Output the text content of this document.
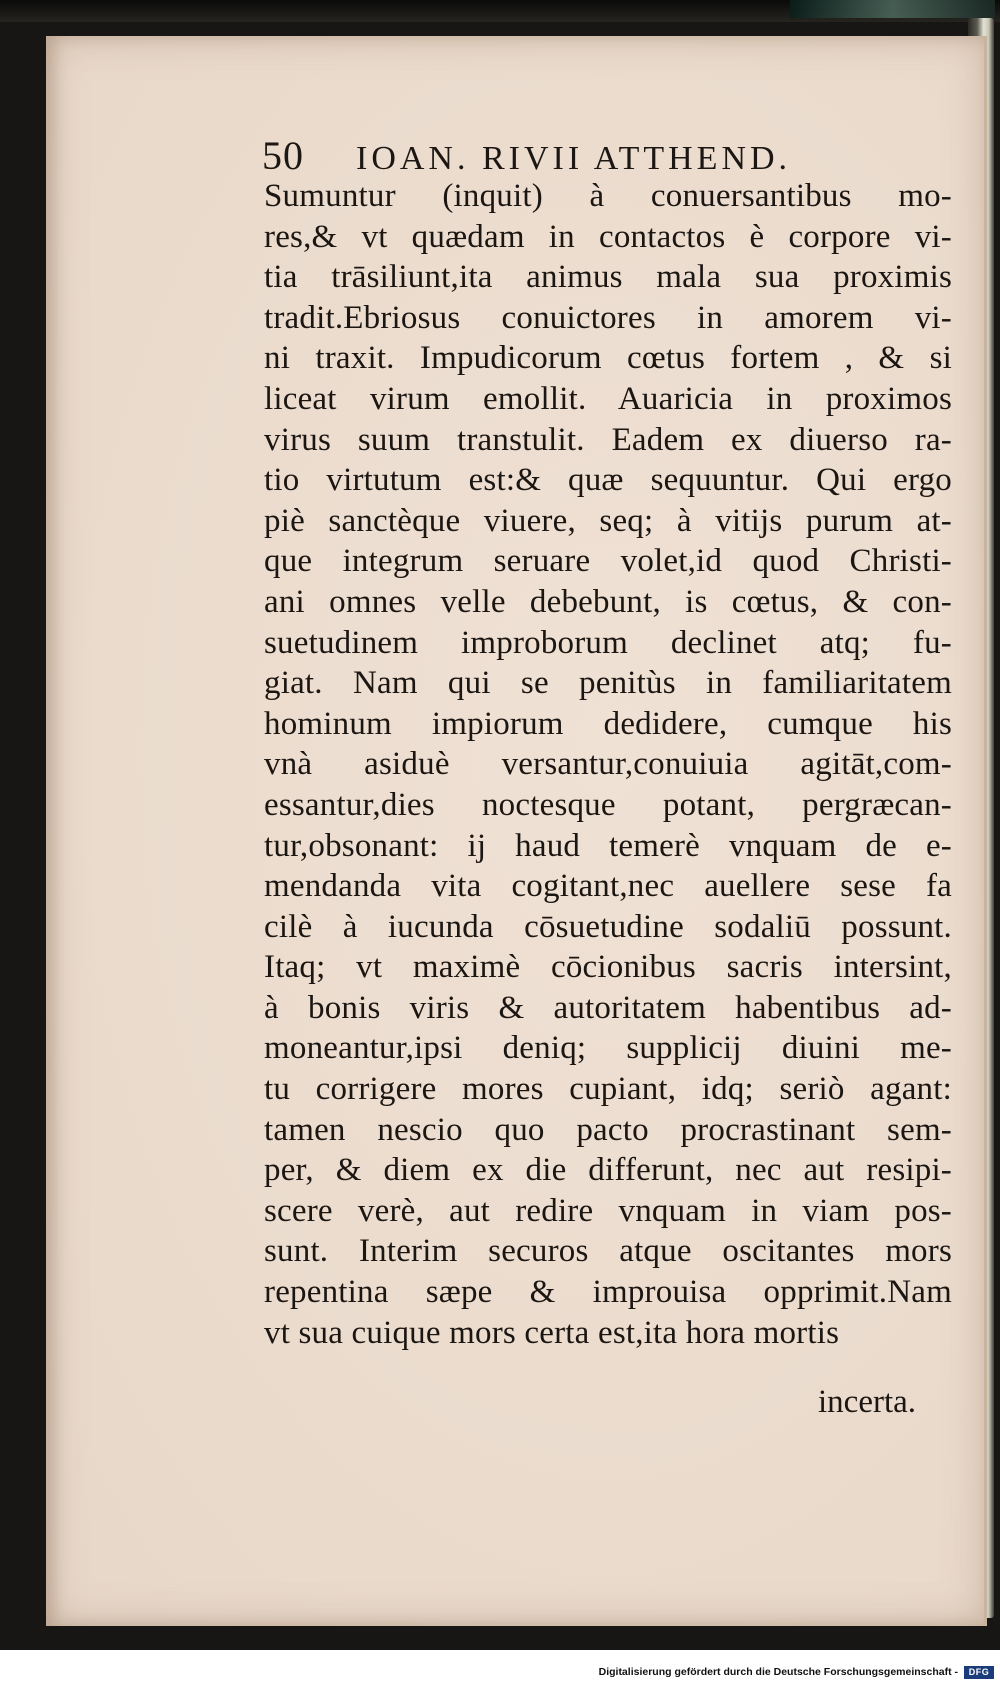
50 IOAN. RIVII ATTHEND.
Sumuntur (inquit) à conuersantibus mo-
res,& vt quædam in contactos è corpore vi-
tia trāsiliunt,ita animus mala sua proximis
tradit.Ebriosus conuictores in amorem vi-
ni traxit. Impudicorum cœtus fortem , & si
liceat virum emollit. Auaricia in proximos
virus suum transtulit. Eadem ex diuerso ra-
tio virtutum est:& quæ sequuntur. Qui ergo
piè sanctèque viuere, seq; à vitijs purum at-
que integrum seruare volet,id quod Christi-
ani omnes velle debebunt, is cœtus, & con-
suetudinem improborum declinet atq; fu-
giat. Nam qui se penitùs in familiaritatem
hominum impiorum dedidere, cumque his
vnà asiduè versantur,conuiuia agitāt,com-
essantur,dies noctesque potant, pergræcan-
tur,obsonant: ij haud temerè vnquam de e-
mendanda vita cogitant,nec auellere sese fa
cilè à iucunda cōsuetudine sodaliū possunt.
Itaq; vt maximè cōcionibus sacris intersint,
à bonis viris & autoritatem habentibus ad-
moneantur,ipsi deniq; supplicij diuini me-
tu corrigere mores cupiant, idq; seriò agant:
tamen nescio quo pacto procrastinant sem-
per, & diem ex die differunt, nec aut resipi-
scere verè, aut redire vnquam in viam pos-
sunt. Interim securos atque oscitantes mors
repentina sæpe & improuisa opprimit.Nam
vt sua cuique mors certa est,ita hora mortis
incerta.
Digitalisierung gefördert durch die Deutsche Forschungsgemeinschaft -	DFG
